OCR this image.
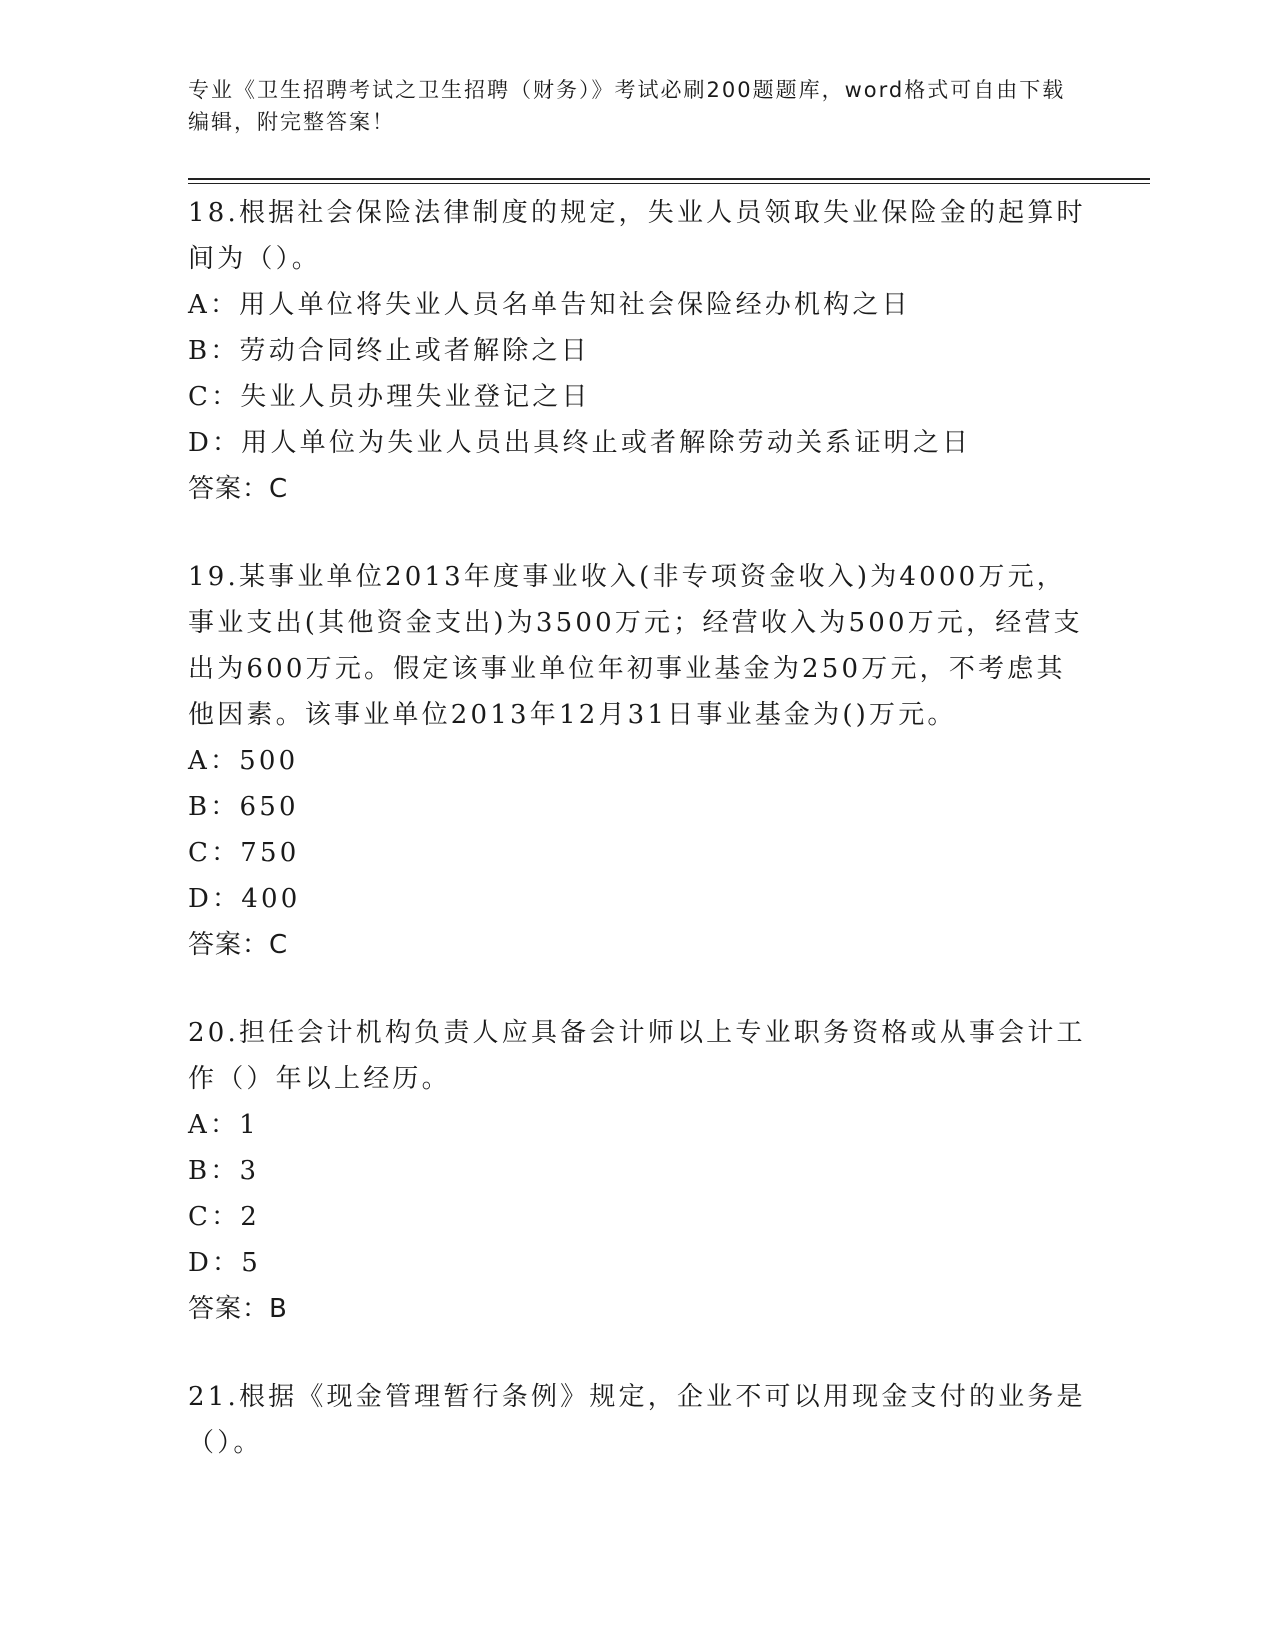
专业《卫生招聘考试之卫生招聘（财务）》考试必刷200题题库，word格式可自由下载编辑，附完整答案！

18.根据社会保险法律制度的规定，失业人员领取失业保险金的起算时间为（）。

A：用人单位将失业人员名单告知社会保险经办机构之日

B：劳动合同终止或者解除之日

C：失业人员办理失业登记之日

D：用人单位为失业人员出具终止或者解除劳动关系证明之日

答案：C

19.某事业单位2013年度事业收入(非专项资金收入)为4000万元，事业支出(其他资金支出)为3500万元；经营收入为500万元，经营支出为600万元。假定该事业单位年初事业基金为250万元，不考虑其他因素。该事业单位2013年12月31日事业基金为()万元。

A：500

B：650

C：750

D：400

答案：C

20.担任会计机构负责人应具备会计师以上专业职务资格或从事会计工作（）年以上经历。

A：1

B：3

C：2

D：5

答案：B

21.根据《现金管理暂行条例》规定，企业不可以用现金支付的业务是（）。
